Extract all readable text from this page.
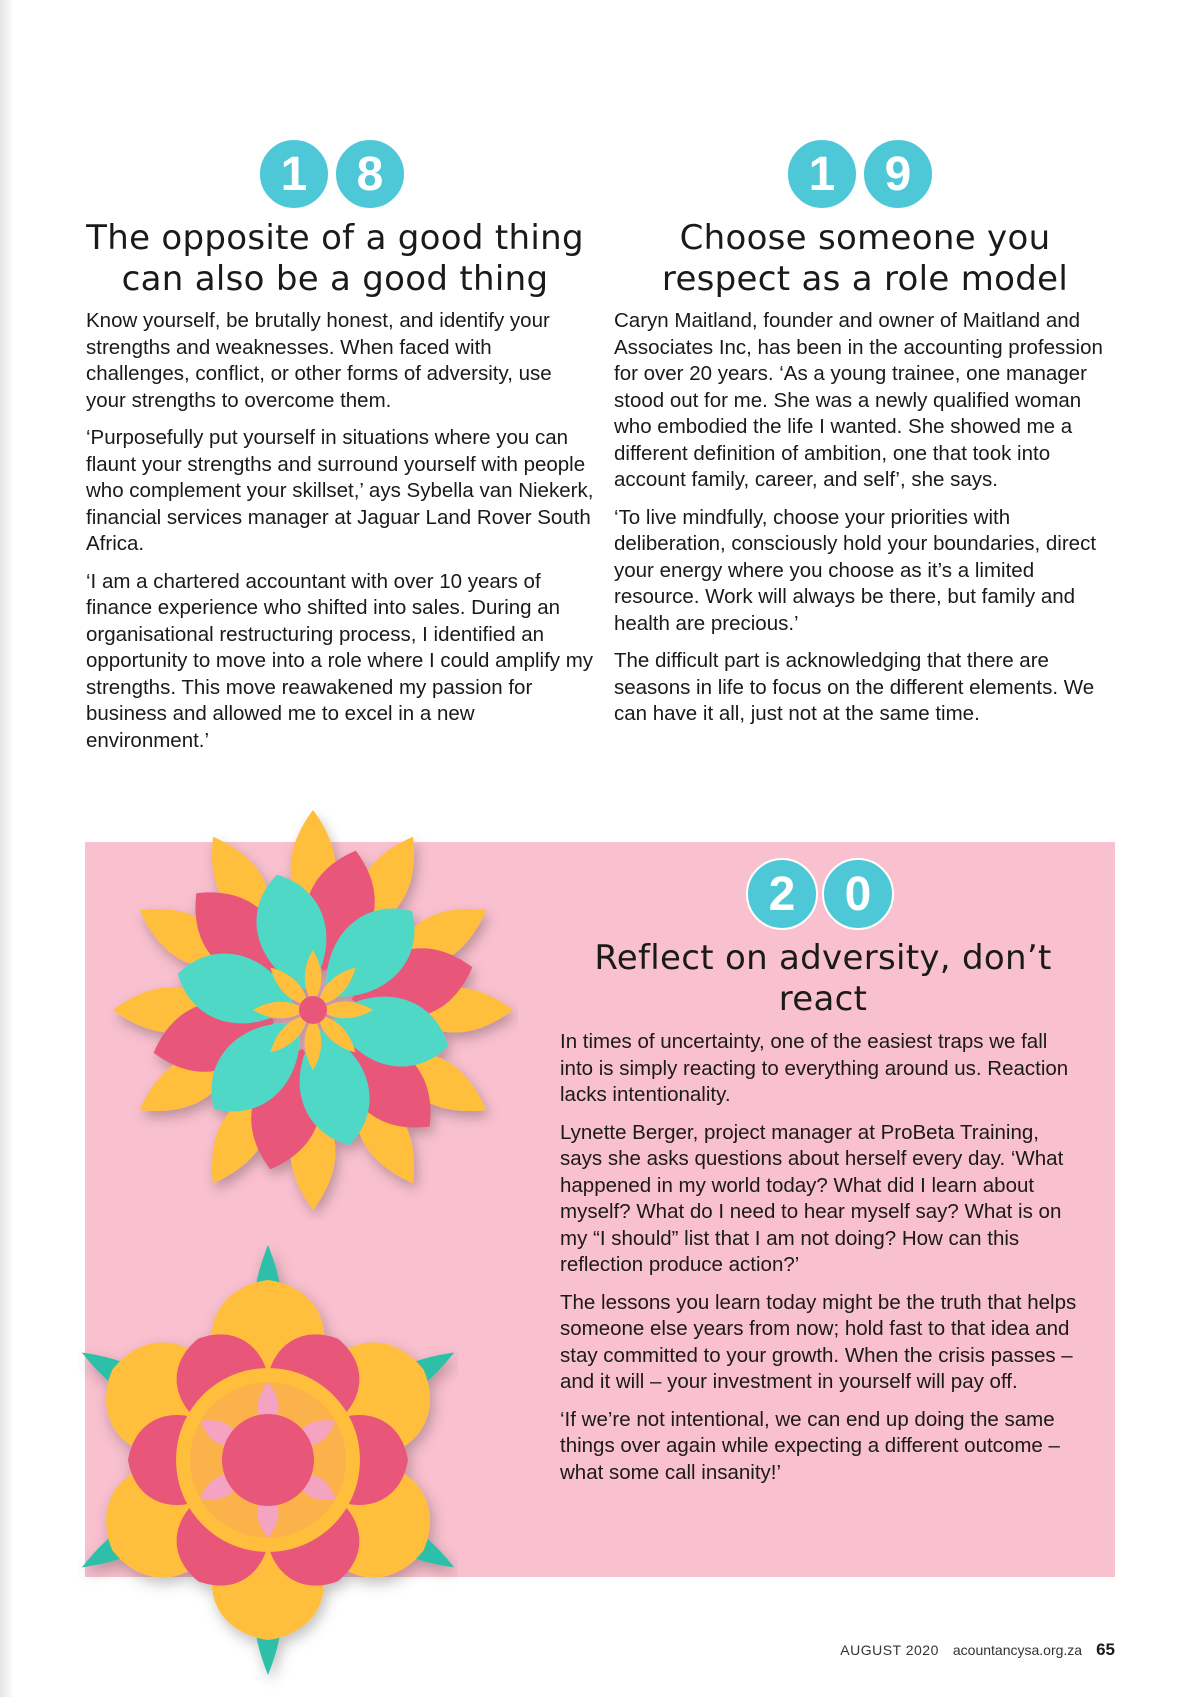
1	8
The opposite of a good thing can also be a good thing

Know yourself, be brutally honest, and identify your strengths and weaknesses. When faced with challenges, conflict, or other forms of adversity, use your strengths to overcome them.

‘Purposefully put yourself in situations where you can flaunt your strengths and surround yourself with people who complement your skillset,’ ays Sybella van Niekerk, financial services manager at Jaguar Land Rover South Africa.

‘I am a chartered accountant with over 10 years of finance experience who shifted into sales. During an organisational restructuring process, I identified an opportunity to move into a role where I could amplify my strengths. This move reawakened my passion for business and allowed me to excel in a new environment.’

1	9
Choose someone you respect as a role model

Caryn Maitland, founder and owner of Maitland and Associates Inc, has been in the accounting profession for over 20 years. ‘As a young trainee, one manager stood out for me. She was a newly qualified woman who embodied the life I wanted. She showed me a different definition of ambition, one that took into account family, career, and self’, she says.

‘To live mindfully, choose your priorities with deliberation, consciously hold your boundaries, direct your energy where you choose as it’s a limited resource. Work will always be there, but family and health are precious.’

The difficult part is acknowledging that there are seasons in life to focus on the different elements. We can have it all, just not at the same time.

2	0
Reflect on adversity, don’t react

In times of uncertainty, one of the easiest traps we fall into is simply reacting to everything around us. Reaction lacks intentionality.

Lynette Berger, project manager at ProBeta Training, says she asks questions about herself every day. ‘What happened in my world today? What did I learn about myself? What do I need to hear myself say? What is on my “I should” list that I am not doing? How can this reflection produce action?’

The lessons you learn today might be the truth that helps someone else years from now; hold fast to that idea and stay committed to your growth. When the crisis passes – and it will – your investment in yourself will pay off.

‘If we’re not intentional, we can end up doing the same things over again while expecting a different outcome – what some call insanity!’

AUGUST 2020 acountancysa.org.za 65
